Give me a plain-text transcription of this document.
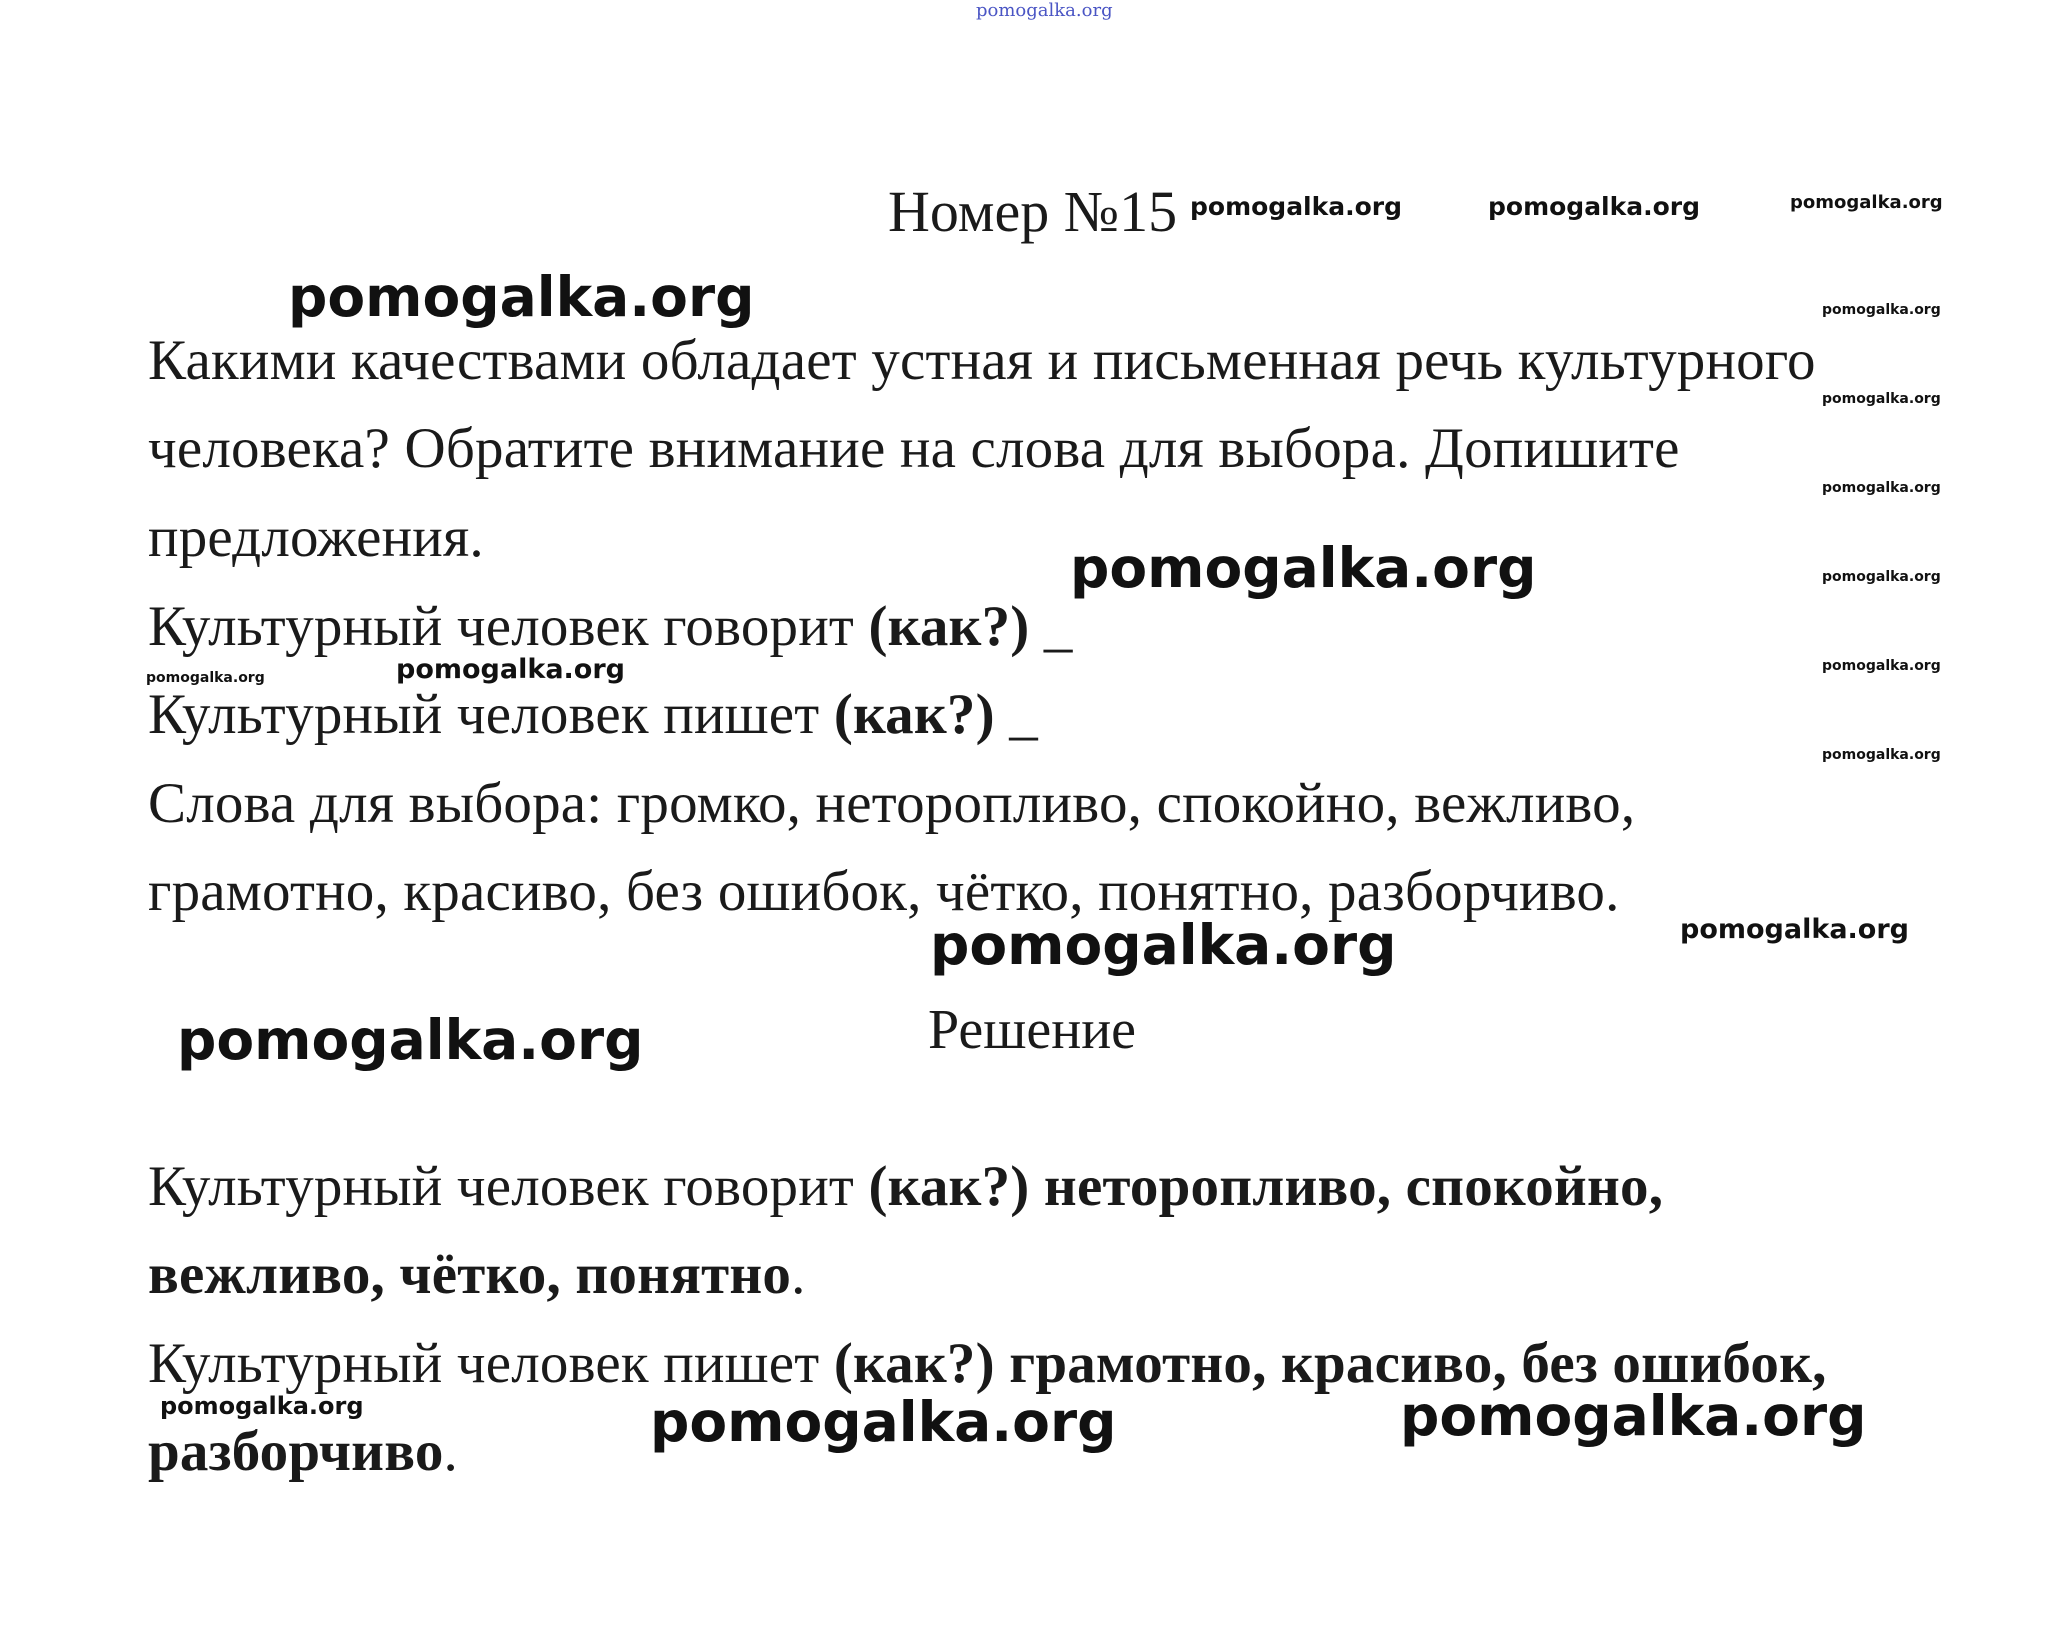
pomogalka.org
Номер №15 pomogalka.org	pomogalka.org	pomogalka.org
pomogalka.org	pomogalka.org
pomogalka.org
pomogalka.org
pomogalka.org
pomogalka.org
pomogalka.org
Какими качествами обладает устная и письменная речь культурного
человека? Обратите внимание на слова для выбора. Допишите
предложения.	pomogalka.org
Культурный человек говорит (как?) _
pomogalka.org	pomogalka.org
Культурный человек пишет (как?) _
Слова для выбора: громко, неторопливо, спокойно, вежливо,
грамотно, красиво, без ошибок, чётко, понятно, разборчиво.
pomogalka.org	pomogalka.org
Решение
pomogalka.org
Культурный человек говорит (как?) неторопливо, спокойно,
вежливо, чётко, понятно.
Культурный человек пишет (как?) грамотно, красиво, без ошибок,
pomogalka.org	pomogalka.org	pomogalka.org
разборчиво.
